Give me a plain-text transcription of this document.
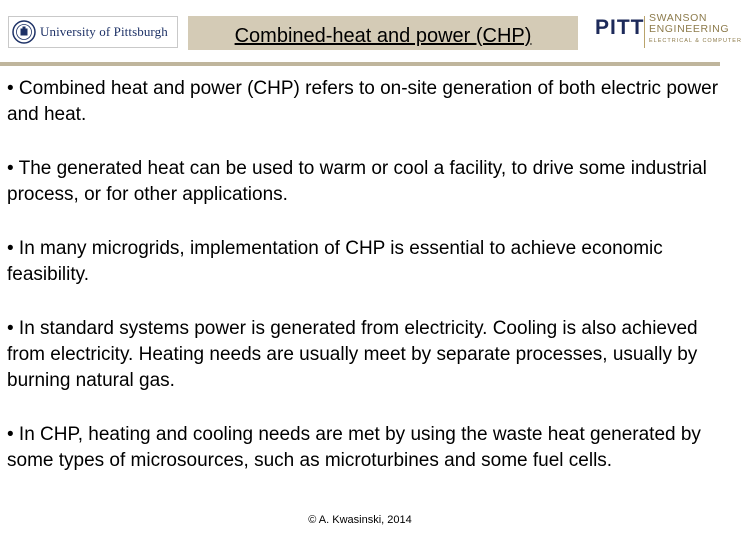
University of Pittsburgh	Combined-heat and power (CHP)	PITT SWANSON
ENGINEERING
ELECTRICAL & COMPUTER

• Combined heat and power (CHP) refers to on-site generation of both electric power and heat.

• The generated heat can be used to warm or cool a facility, to drive some industrial process, or for other applications.

• In many microgrids, implementation of CHP is essential to achieve economic feasibility.

• In standard systems power is generated from electricity. Cooling is also achieved from electricity. Heating needs are usually meet by separate processes, usually by burning natural gas.

• In CHP, heating and cooling needs are met by using the waste heat generated by some types of microsources, such as microturbines and some fuel cells.

© A. Kwasinski, 2014
